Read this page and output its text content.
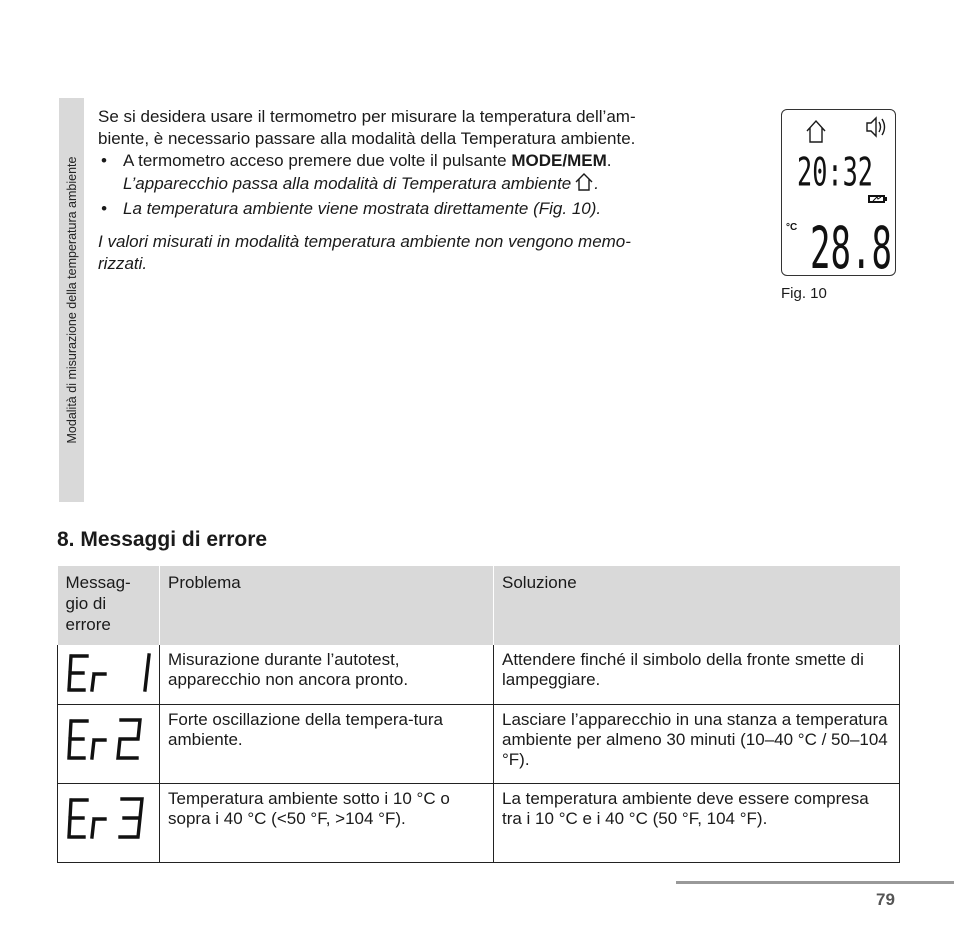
Modalità di misurazione della temperatura ambiente

Se si desidera usare il termometro per misurare la temperatura dell’am-
biente, è necessario passare alla modalità della Temperatura ambiente.

• A termometro acceso premere due volte il pulsante MODE/MEM.
L’apparecchio passa alla modalità di Temperatura ambiente .
• La temperatura ambiente viene mostrata direttamente (Fig. 10).

I valori misurati in modalità temperatura ambiente non vengono memo-
rizzati.

20:32
°C 28.8
Fig. 10
8. Messaggi di errore
Messag-
gio di
errore	Problema	Soluzione
	Misurazione durante l’autotest, apparecchio non ancora pronto.	Attendere finché il simbolo della fronte smette di lampeggiare.
	Forte oscillazione della tempera-tura ambiente.	Lasciare l’apparecchio in una stanza a temperatura ambiente per almeno 30 minuti (10–40 °C / 50–104 °F).
	Temperatura ambiente sotto i 10 °C o
sopra i 40 °C (<50 °F, >104 °F).	La temperatura ambiente deve essere compresa tra i 10 °C e i 40 °C (50 °F, 104 °F).
79
